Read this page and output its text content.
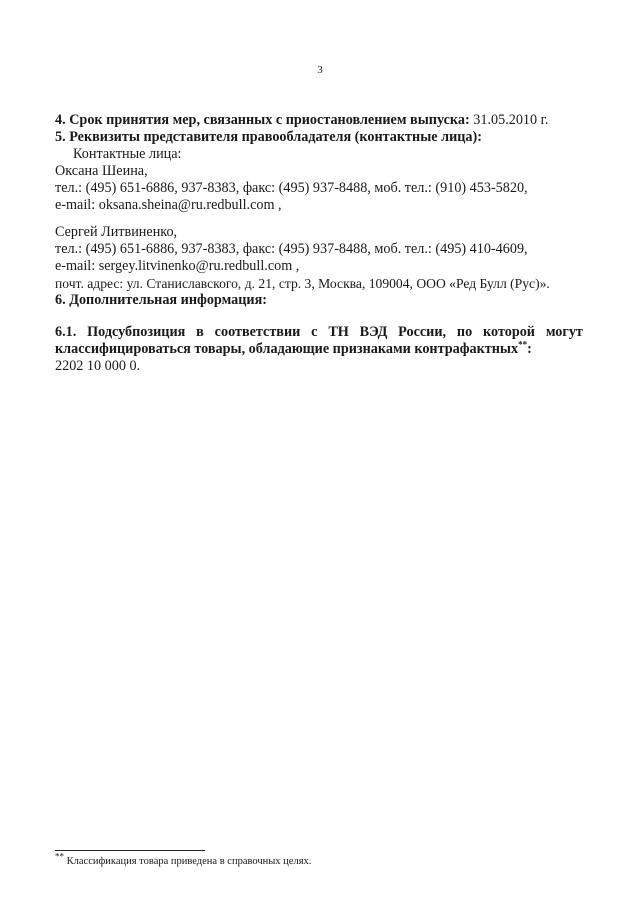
3

4. Срок принятия мер, связанных с приостановлением выпуска: 31.05.2010 г.

5. Реквизиты представителя правообладателя (контактные лица):

Контактные лица:

Оксана Шеина,

тел.: (495) 651-6886, 937-8383, факс: (495) 937-8488, моб. тел.: (910) 453-5820,

e-mail: oksana.sheina@ru.redbull.com ,

Сергей Литвиненко,

тел.: (495) 651-6886, 937-8383, факс: (495) 937-8488, моб. тел.: (495) 410-4609,

e-mail: sergey.litvinenko@ru.redbull.com ,

почт. адрес: ул. Станиславского, д. 21, стр. 3, Москва, 109004, ООО «Ред Булл (Рус)».

6. Дополнительная информация:

6.1. Подсубпозиция в соответствии с ТН ВЭД России, по которой могут

классифицироваться товары, обладающие признаками контрафактных**:

2202 10 000 0.

** Классификация товара приведена в справочных целях.
